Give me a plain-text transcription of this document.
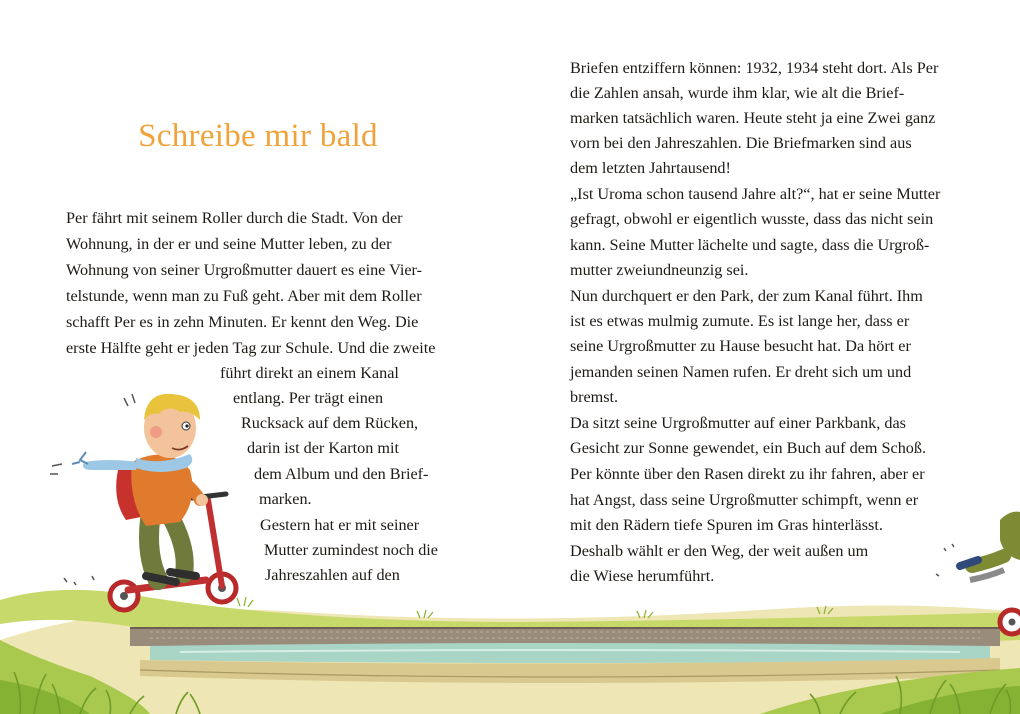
Schreibe mir bald

Per fährt mit seinem Roller durch die Stadt. Von der

Wohnung, in der er und seine Mutter leben, zu der

Wohnung von seiner Urgroßmutter dauert es eine Vier-

telstunde, wenn man zu Fuß geht. Aber mit dem Roller

schafft Per es in zehn Minuten. Er kennt den Weg. Die

erste Hälfte geht er jeden Tag zur Schule. Und die zweite

führt direkt an einem Kanal

entlang. Per trägt einen

Rucksack auf dem Rücken,

darin ist der Karton mit

dem Album und den Brief-

marken.

Gestern hat er mit seiner

Mutter zumindest noch die

Jahreszahlen auf den

Briefen entziffern können: 1932, 1934 steht dort. Als Per

die Zahlen ansah, wurde ihm klar, wie alt die Brief-

marken tatsächlich waren. Heute steht ja eine Zwei ganz

vorn bei den Jahreszahlen. Die Briefmarken sind aus

dem letzten Jahrtausend!

„Ist Uroma schon tausend Jahre alt?“, hat er seine Mutter

gefragt, obwohl er eigentlich wusste, dass das nicht sein

kann. Seine Mutter lächelte und sagte, dass die Urgroß-

mutter zweiundneunzig sei.

Nun durchquert er den Park, der zum Kanal führt. Ihm

ist es etwas mulmig zumute. Es ist lange her, dass er

seine Urgroßmutter zu Hause besucht hat. Da hört er

jemanden seinen Namen rufen. Er dreht sich um und

bremst.

Da sitzt seine Urgroßmutter auf einer Parkbank, das

Gesicht zur Sonne gewendet, ein Buch auf dem Schoß.

Per könnte über den Rasen direkt zu ihr fahren, aber er

hat Angst, dass seine Urgroßmutter schimpft, wenn er

mit den Rädern tiefe Spuren im Gras hinterlässt.

Deshalb wählt er den Weg, der weit außen um

die Wiese herumführt.
